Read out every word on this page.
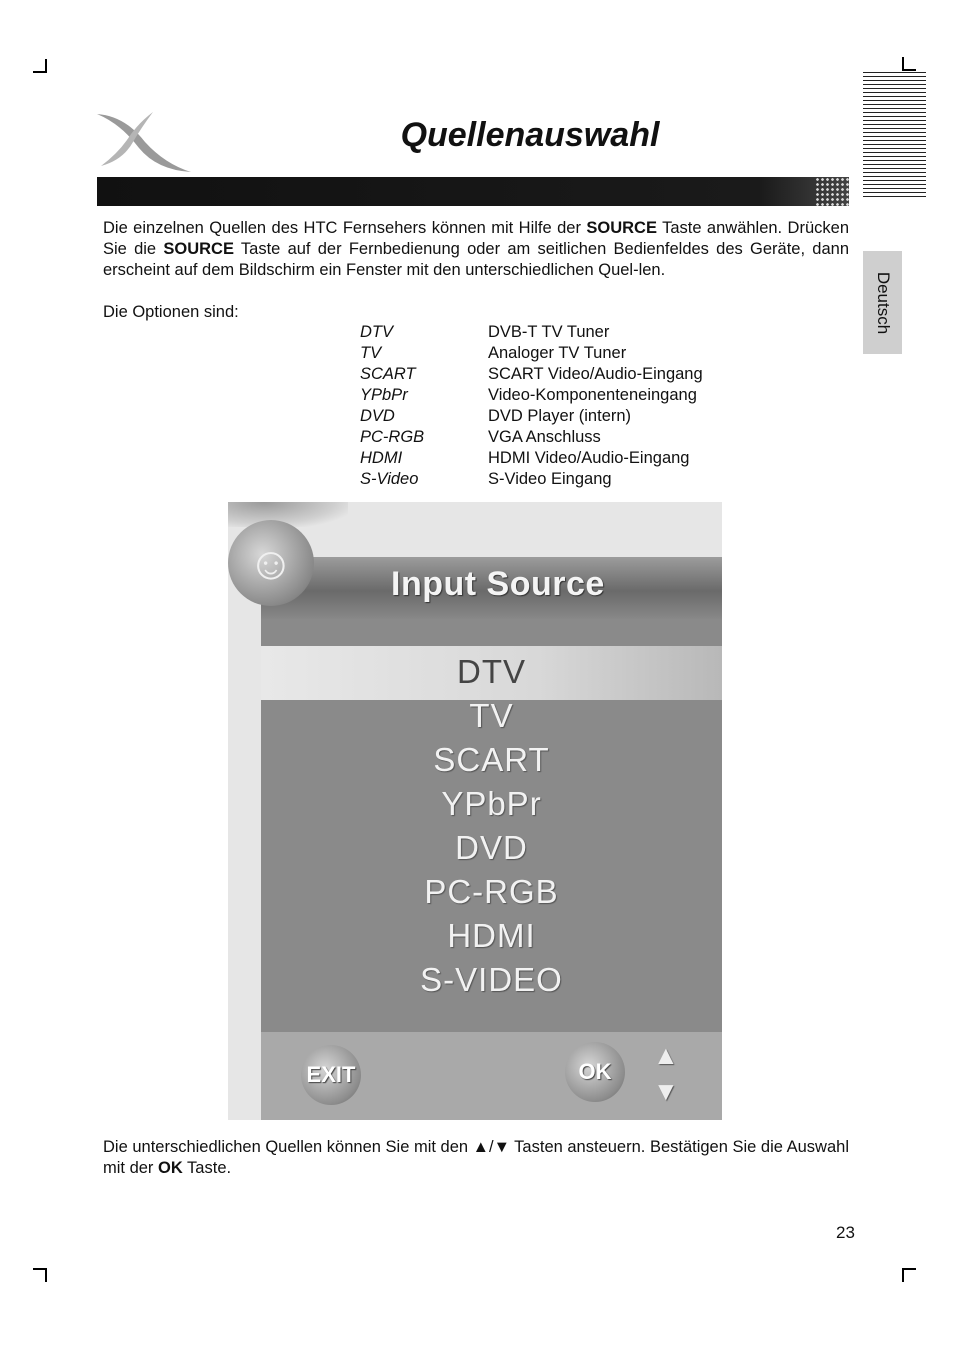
Quellenauswahl
Deutsch
Die einzelnen Quellen des HTC Fernsehers können mit Hilfe der SOURCE Taste anwählen. Drücken Sie die SOURCE Taste auf der Fernbedienung oder am seitlichen Bedienfeldes des Geräte, dann erscheint auf dem Bildschirm ein Fenster mit den unterschiedlichen Quel-len.
Die Optionen sind:
DTV	DVB-T TV Tuner
TV	Analoger TV Tuner
SCART	SCART Video/Audio-Eingang
YPbPr	Video-Komponenteneingang
DVD	DVD Player (intern)
PC-RGB	VGA Anschluss
HDMI	HDMI Video/Audio-Eingang
S-Video	S-Video Eingang
Input Source
☺
DTV
TV
SCART
YPbPr
DVD
PC-RGB
HDMI
S-VIDEO
EXIT	OK
▲
▼
Die unterschiedlichen Quellen können Sie mit den ▲/▼ Tasten ansteuern. Bestätigen Sie die Auswahl mit der OK Taste.
23
